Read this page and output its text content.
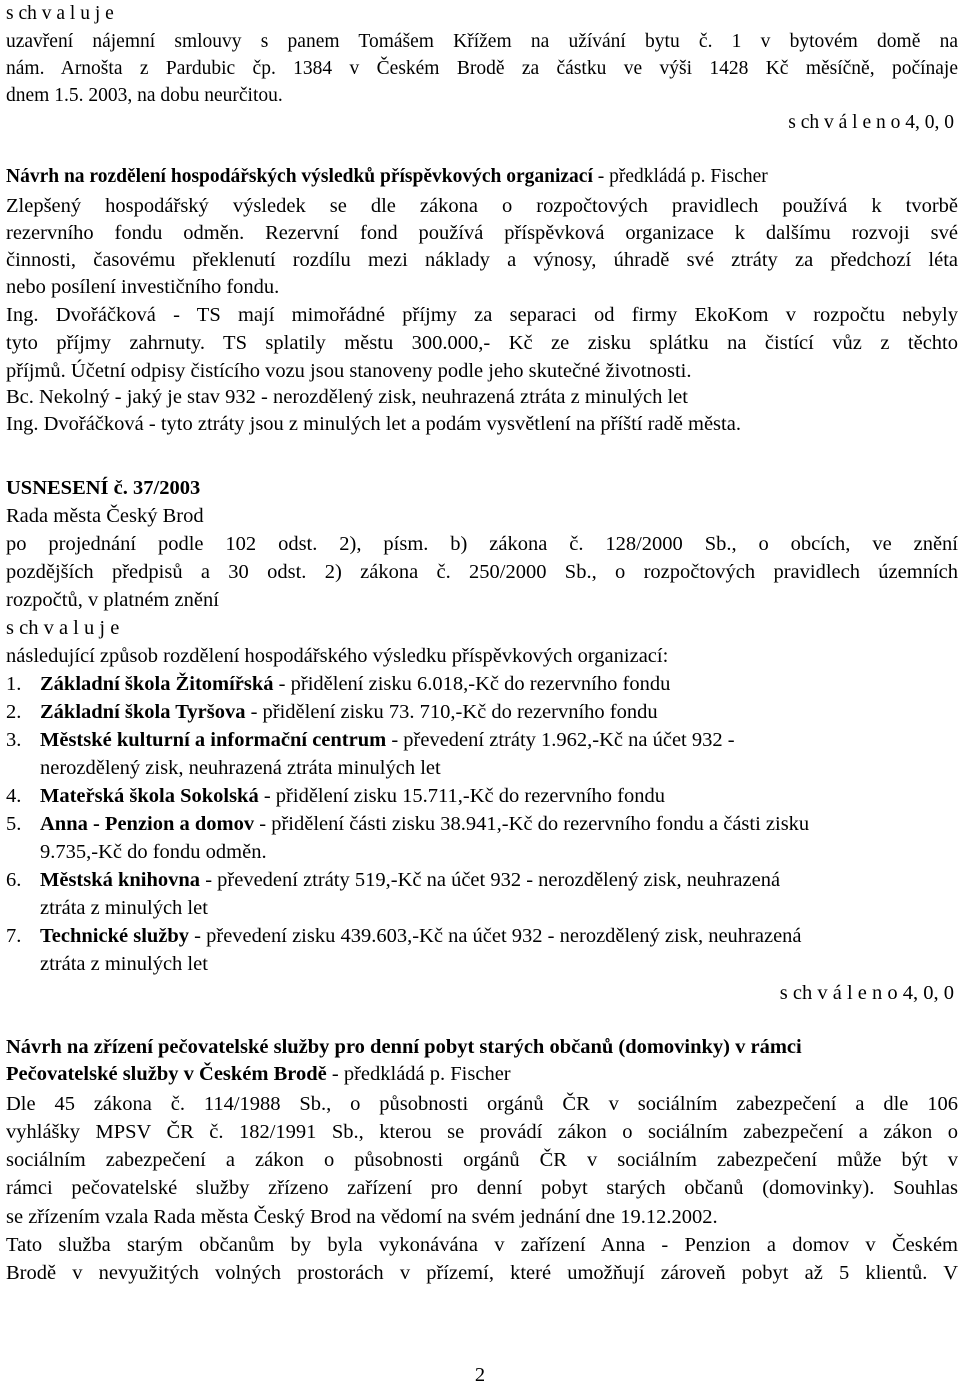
s ch v a l u j e
uzavření nájemní smlouvy s panem Tomášem Křížem na užívání bytu č. 1 v bytovém domě na
nám. Arnošta z Pardubic čp. 1384 v Českém Brodě za částku ve výši 1428 Kč měsíčně, počínaje
dnem 1.5. 2003, na dobu neurčitou.
s ch v á l e n o 4, 0, 0
Návrh na rozdělení hospodářských výsledků příspěvkových organizací - předkládá p. Fischer
Zlepšený hospodářský výsledek se dle zákona o rozpočtových pravidlech používá k tvorbě
rezervního fondu odměn. Rezervní fond používá příspěvková organizace k dalšímu rozvoji své
činnosti, časovému překlenutí rozdílu mezi náklady a výnosy, úhradě své ztráty za předchozí léta
nebo posílení investičního fondu.
Ing. Dvořáčková - TS mají mimořádné příjmy za separaci od firmy EkoKom v rozpočtu nebyly
tyto příjmy zahrnuty. TS splatily městu 300.000,- Kč ze zisku splátku na čistící vůz z těchto
příjmů. Účetní odpisy čistícího vozu jsou stanoveny podle jeho skutečné životnosti.
Bc. Nekolný - jaký je stav 932 - nerozdělený zisk, neuhrazená ztráta z minulých let
Ing. Dvořáčková - tyto ztráty jsou z minulých let a podám vysvětlení na příští radě města.
USNESENÍ č. 37/2003
Rada města Český Brod
po projednání podle 102 odst. 2), písm. b) zákona č. 128/2000 Sb., o obcích, ve znění
pozdějších předpisů a 30 odst. 2) zákona č. 250/2000 Sb., o rozpočtových pravidlech územních
rozpočtů, v platném znění
s ch v a l u j e
následující způsob rozdělení hospodářského výsledku příspěvkových organizací:
1. Základní škola Žitomířská - přidělení zisku 6.018,-Kč do rezervního fondu
2. Základní škola Tyršova - přidělení zisku 73. 710,-Kč do rezervního fondu
3. Městské kulturní a informační centrum - převedení ztráty 1.962,-Kč na účet 932 -
nerozdělený zisk, neuhrazená ztráta minulých let
4. Mateřská škola Sokolská - přidělení zisku 15.711,-Kč do rezervního fondu
5. Anna - Penzion a domov - přidělení části zisku 38.941,-Kč do rezervního fondu a části zisku
9.735,-Kč do fondu odměn.
6. Městská knihovna - převedení ztráty 519,-Kč na účet 932 - nerozdělený zisk, neuhrazená
ztráta z minulých let
7. Technické služby - převedení zisku 439.603,-Kč na účet 932 - nerozdělený zisk, neuhrazená
ztráta z minulých let
s ch v á l e n o 4, 0, 0
Návrh na zřízení pečovatelské služby pro denní pobyt starých občanů (domovinky) v rámci
Pečovatelské služby v Českém Brodě - předkládá p. Fischer
Dle 45 zákona č. 114/1988 Sb., o působnosti orgánů ČR v sociálním zabezpečení a dle 106
vyhlášky MPSV ČR č. 182/1991 Sb., kterou se provádí zákon o sociálním zabezpečení a zákon o
sociálním zabezpečení a zákon o působnosti orgánů ČR v sociálním zabezpečení může být v
rámci pečovatelské služby zřízeno zařízení pro denní pobyt starých občanů (domovinky). Souhlas
se zřízením vzala Rada města Český Brod na vědomí na svém jednání dne 19.12.2002.
Tato služba starým občanům by byla vykonávána v zařízení Anna - Penzion a domov v Českém
Brodě v nevyužitých volných prostorách v přízemí, které umožňují zároveň pobyt až 5 klientů. V
2
